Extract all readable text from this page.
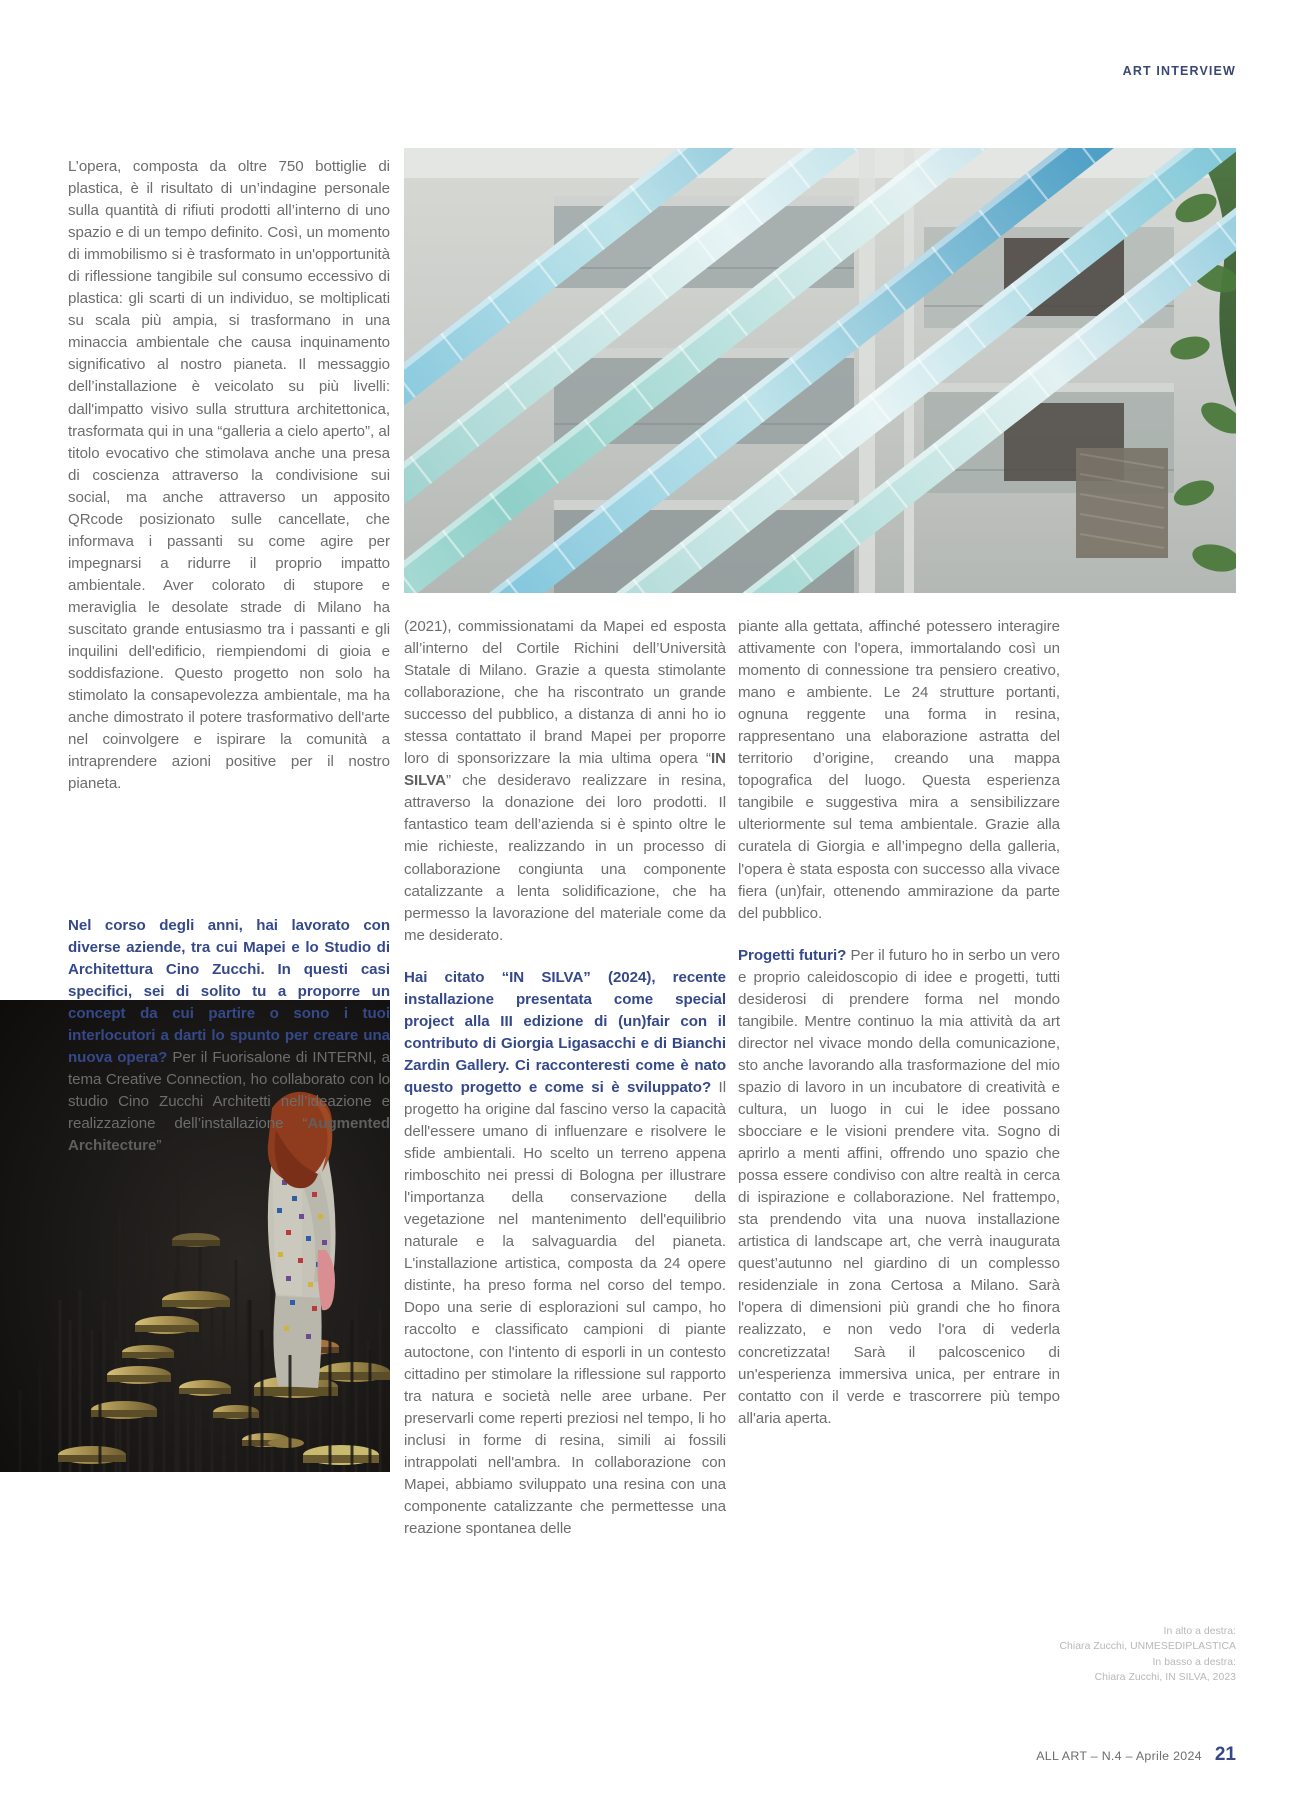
ART INTERVIEW

L’opera, composta da oltre 750 bottiglie di plastica, è il risultato di un’indagine personale sulla quantità di rifiuti prodotti all’interno di uno spazio e di un tempo definito. Così, un momento di immobilismo si è trasformato in un'opportunità di riflessione tangibile sul consumo eccessivo di plastica: gli scarti di un individuo, se moltiplicati su scala più ampia, si trasformano in una minaccia ambientale che causa inquinamento significativo al nostro pianeta. Il messaggio dell’installazione è veicolato su più livelli: dall'impatto visivo sulla struttura architettonica, trasformata qui in una “galleria a cielo aperto”, al titolo evocativo che stimolava anche una presa di coscienza attraverso la condivisione sui social, ma anche attraverso un apposito QRcode posizionato sulle cancellate, che informava i passanti su come agire per impegnarsi a ridurre il proprio impatto ambientale. Aver colorato di stupore e meraviglia le desolate strade di Milano ha suscitato grande entusiasmo tra i passanti e gli inquilini dell'edificio, riempiendomi di gioia e soddisfazione. Questo progetto non solo ha stimolato la consapevolezza ambientale, ma ha anche dimostrato il potere trasformativo dell'arte nel coinvolgere e ispirare la comunità a intraprendere azioni positive per il nostro pianeta.

Nel corso degli anni, hai lavorato con diverse aziende, tra cui Mapei e lo Studio di Architettura Cino Zucchi. In questi casi specifici, sei di solito tu a proporre un concept da cui partire o sono i tuoi interlocutori a darti lo spunto per creare una nuova opera? Per il Fuorisalone di INTERNI, a tema Creative Connection, ho collaborato con lo studio Cino Zucchi Architetti nell’ideazione e realizzazione dell’installazione “Augmented Architecture”

(2021), commissionatami da Mapei ed esposta all’interno del Cortile Richini dell’Università Statale di Milano. Grazie a questa stimolante collaborazione, che ha riscontrato un grande successo del pubblico, a distanza di anni ho io stessa contattato il brand Mapei per proporre loro di sponsorizzare la mia ultima opera “IN SILVA” che desideravo realizzare in resina, attraverso la donazione dei loro prodotti. Il fantastico team dell’azienda si è spinto oltre le mie richieste, realizzando in un processo di collaborazione congiunta una componente catalizzante a lenta solidificazione, che ha permesso la lavorazione del materiale come da me desiderato.

Hai citato “IN SILVA” (2024), recente installazione presentata come special project alla III edizione di (un)fair con il contributo di Giorgia Ligasacchi e di Bianchi Zardin Gallery. Ci racconteresti come è nato questo progetto e come si è sviluppato? Il progetto ha origine dal fascino verso la capacità dell'essere umano di influenzare e risolvere le sfide ambientali. Ho scelto un terreno appena rimboschito nei pressi di Bologna per illustrare l'importanza della conservazione della vegetazione nel mantenimento dell'equilibrio naturale e la salvaguardia del pianeta. L'installazione artistica, composta da 24 opere distinte, ha preso forma nel corso del tempo. Dopo una serie di esplorazioni sul campo, ho raccolto e classificato campioni di piante autoctone, con l'intento di esporli in un contesto cittadino per stimolare la riflessione sul rapporto tra natura e società nelle aree urbane. Per preservarli come reperti preziosi nel tempo, li ho inclusi in forme di resina, simili ai fossili intrappolati nell'ambra. In collaborazione con Mapei, abbiamo sviluppato una resina con una componente catalizzante che permettesse una reazione spontanea delle

piante alla gettata, affinché potessero interagire attivamente con l'opera, immortalando così un momento di connessione tra pensiero creativo, mano e ambiente. Le 24 strutture portanti, ognuna reggente una forma in resina, rappresentano una elaborazione astratta del territorio d’origine, creando una mappa topografica del luogo. Questa esperienza tangibile e suggestiva mira a sensibilizzare ulteriormente sul tema ambientale. Grazie alla curatela di Giorgia e all’impegno della galleria, l'opera è stata esposta con successo alla vivace fiera (un)fair, ottenendo ammirazione da parte del pubblico.

Progetti futuri? Per il futuro ho in serbo un vero e proprio caleidoscopio di idee e progetti, tutti desiderosi di prendere forma nel mondo tangibile. Mentre continuo la mia attività da art director nel vivace mondo della comunicazione, sto anche lavorando alla trasformazione del mio spazio di lavoro in un incubatore di creatività e cultura, un luogo in cui le idee possano sbocciare e le visioni prendere vita. Sogno di aprirlo a menti affini, offrendo uno spazio che possa essere condiviso con altre realtà in cerca di ispirazione e collaborazione. Nel frattempo, sta prendendo vita una nuova installazione artistica di landscape art, che verrà inaugurata quest’autunno nel giardino di un complesso residenziale in zona Certosa a Milano. Sarà l'opera di dimensioni più grandi che ho finora realizzato, e non vedo l'ora di vederla concretizzata! Sarà il palcoscenico di un'esperienza immersiva unica, per entrare in contatto con il verde e trascorrere più tempo all'aria aperta.

In alto a destra:
Chiara Zucchi, UNMESEDIPLASTICA
In basso a destra:
Chiara Zucchi, IN SILVA, 2023
ALL ART – N.4 – Aprile 2024 21
